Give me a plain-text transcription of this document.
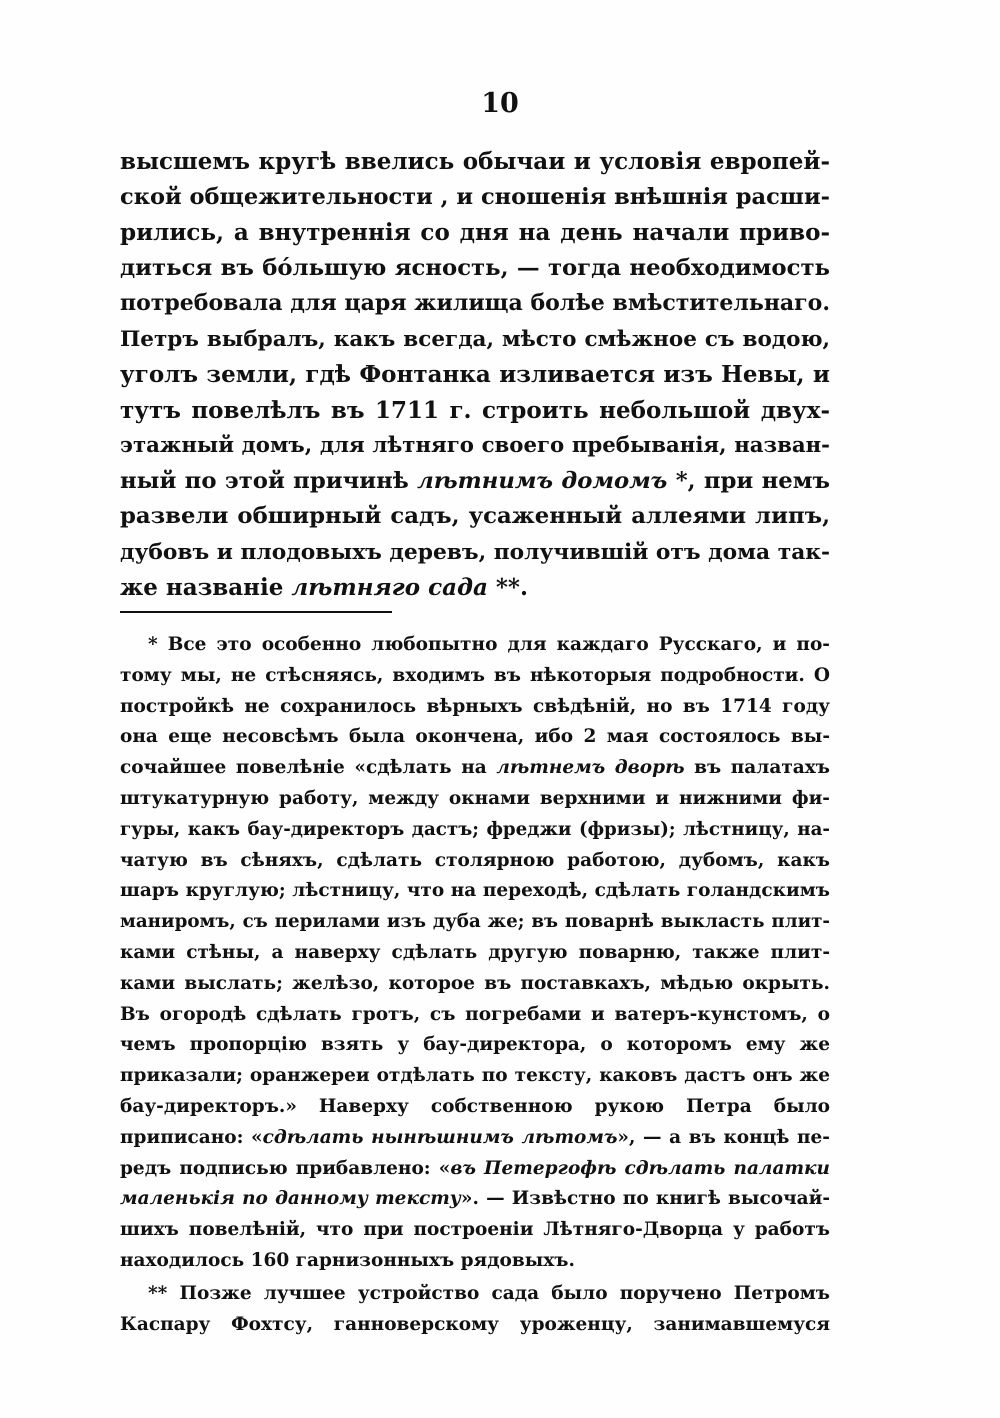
10
высшемъ кругѣ ввелись обычаи и условія европей-
ской общежительности , и сношенія внѣшнія расши-
рились, а внутреннія со дня на день начали приво-
диться въ бóльшую ясность, — тогда необходимость
потребовала для царя жилища болѣе вмѣстительнаго.
Петръ выбралъ, какъ всегда, мѣсто смѣжное съ водою,
уголъ земли, гдѣ Фонтанка изливается изъ Невы, и
тутъ повелѣлъ въ 1711 г. строить небольшой двух-
этажный домъ, для лѣтняго своего пребыванія, назван-
ный по этой причинѣ лѣтнимъ домомъ *, при немъ
развели обширный садъ, усаженный аллеями липъ,
дубовъ и плодовыхъ деревъ, получившій отъ дома так-
же названіе лѣтняго сада **.
* Все это особенно любопытно для каждаго Русскаго, и по-
тому мы, не стѣсняясь, входимъ въ нѣкоторыя подробности. О
постройкѣ не сохранилось вѣрныхъ свѣдѣній, но въ 1714 году
она еще несовсѣмъ была окончена, ибо 2 мая состоялось вы-
сочайшее повелѣніе «сдѣлать на лѣтнемъ дворѣ въ палатахъ
штукатурную работу, между окнами верхними и нижними фи-
гуры, какъ бау-директоръ дастъ; фреджи (фризы); лѣстницу, на-
чатую въ сѣняхъ, сдѣлать столярною работою, дубомъ, какъ
шаръ круглую; лѣстницу, что на переходѣ, сдѣлать голандскимъ
маниромъ, съ перилами изъ дуба же; въ поварнѣ выкласть плит-
ками стѣны, а наверху сдѣлать другую поварню, также плит-
ками выслать; желѣзо, которое въ поставкахъ, мѣдью окрыть.
Въ огородѣ сдѣлать гротъ, съ погребами и ватеръ-кунстомъ, о
чемъ пропорцію взять у бау-директора, о которомъ ему же
приказали; оранжереи отдѣлать по тексту, каковъ дастъ онъ же
бау-директоръ.» Наверху собственною рукою Петра было
приписано: «сдѣлать нынѣшнимъ лѣтомъ», — а въ концѣ пе-
редъ подписью прибавлено: «въ Петергофѣ сдѣлать палатки
маленькія по данному тексту». — Извѣстно по книгѣ высочай-
шихъ повелѣній, что при построеніи Лѣтняго-Дворца у работъ
находилось 160 гарнизонныхъ рядовыхъ.
** Позже лучшее устройство сада было поручено Петромъ
Каспару Фохтсу, ганноверскому уроженцу, занимавшемуся
